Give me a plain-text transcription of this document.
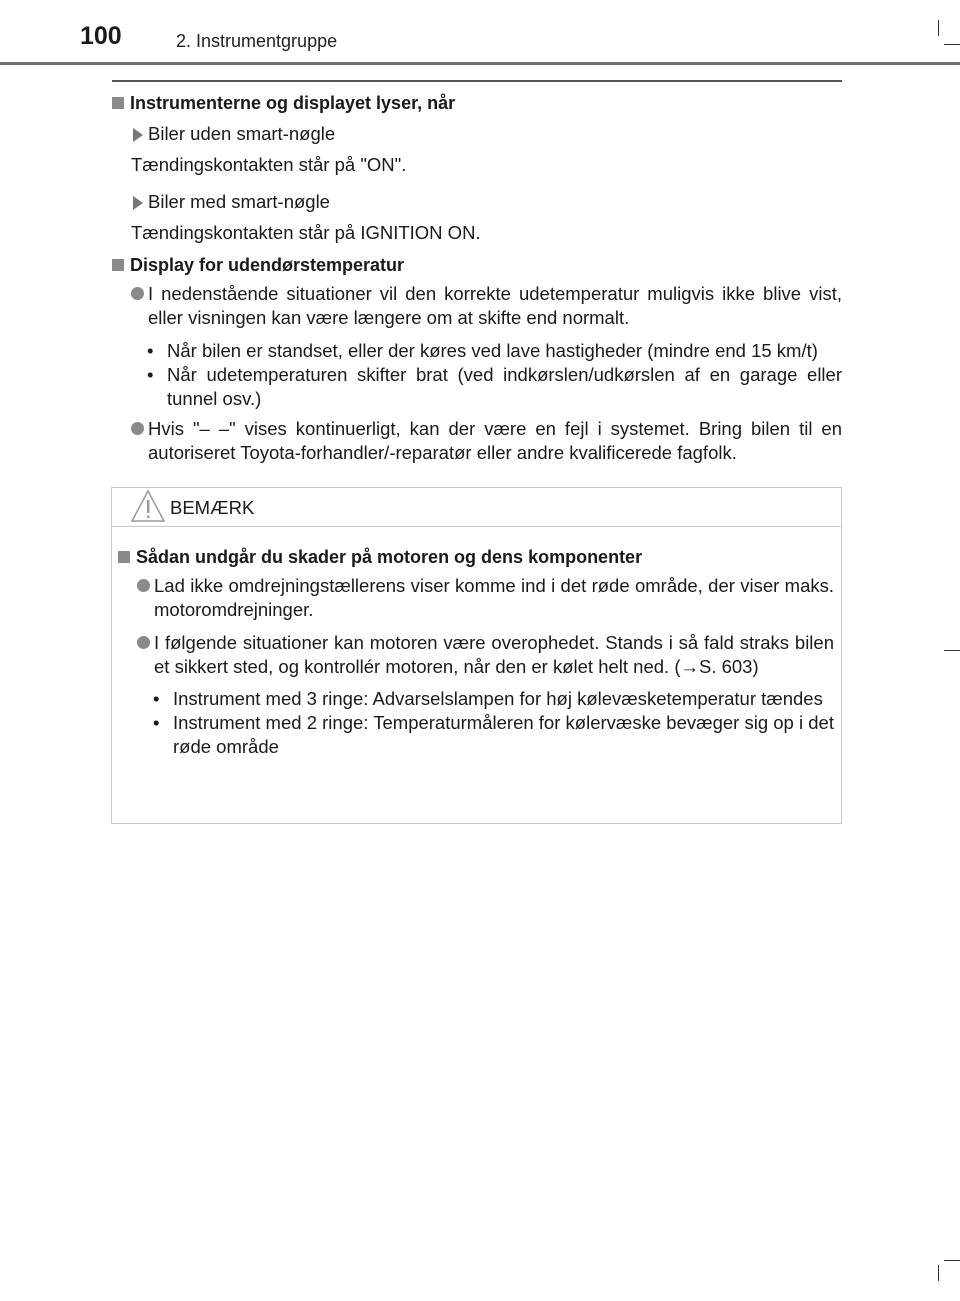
100	2. Instrumentgruppe
Instrumenterne og displayet lyser, når
Biler uden smart-nøgle
Tændingskontakten står på "ON".
Biler med smart-nøgle
Tændingskontakten står på IGNITION ON.
Display for udendørstemperatur
I nedenstående situationer vil den korrekte udetemperatur muligvis ikke blive vist, eller visningen kan være længere om at skifte end normalt.
• Når bilen er standset, eller der køres ved lave hastigheder (mindre end 15 km/t)
• Når udetemperaturen skifter brat (ved indkørslen/udkørslen af en garage eller tunnel osv.)
Hvis "– –" vises kontinuerligt, kan der være en fejl i systemet. Bring bilen til en autoriseret Toyota-forhandler/-reparatør eller andre kvalificerede fagfolk.
BEMÆRK
Sådan undgår du skader på motoren og dens komponenter
Lad ikke omdrejningstællerens viser komme ind i det røde område, der viser maks. motoromdrejninger.
I følgende situationer kan motoren være overophedet. Stands i så fald straks bilen et sikkert sted, og kontrollér motoren, når den er kølet helt ned. (→S. 603)
• Instrument med 3 ringe: Advarselslampen for høj kølevæsketemperatur tændes
• Instrument med 2 ringe: Temperaturmåleren for kølervæske bevæger sig op i det røde område
